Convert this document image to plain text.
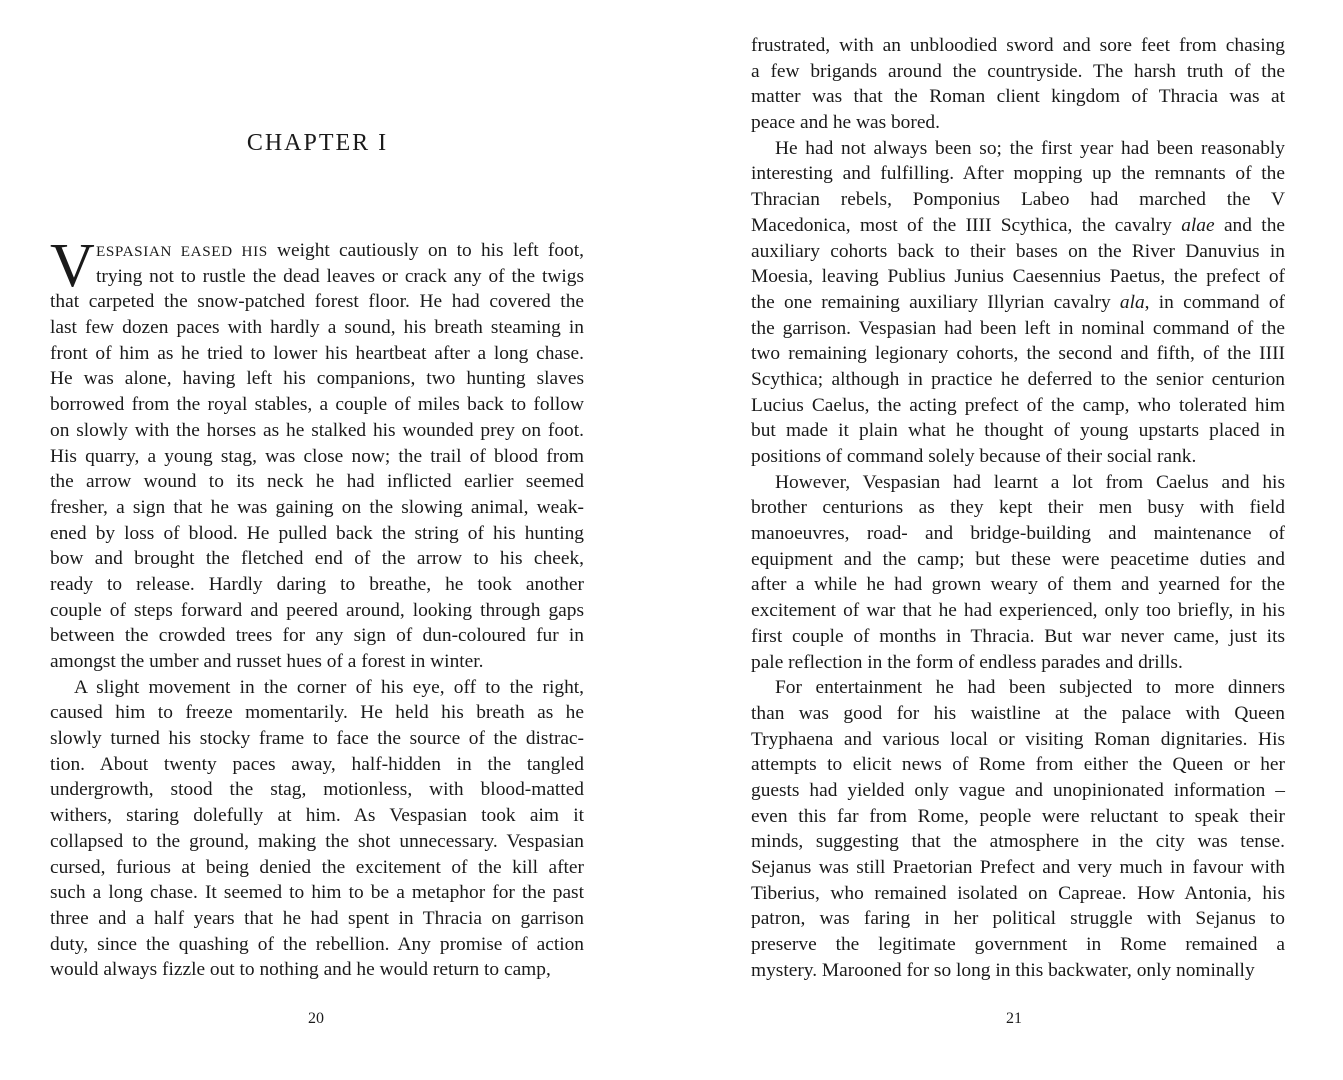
CHAPTER I
V ESPASIAN EASED HIS weight cautiously on to his left foot,
trying not to rustle the dead leaves or crack any of the twigs
that carpeted the snow-patched forest floor. He had covered the
last few dozen paces with hardly a sound, his breath steaming in
front of him as he tried to lower his heartbeat after a long chase.
He was alone, having left his companions, two hunting slaves
borrowed from the royal stables, a couple of miles back to follow
on slowly with the horses as he stalked his wounded prey on foot.
His quarry, a young stag, was close now; the trail of blood from
the arrow wound to its neck he had inflicted earlier seemed
fresher, a sign that he was gaining on the slowing animal, weak-
ened by loss of blood. He pulled back the string of his hunting
bow and brought the fletched end of the arrow to his cheek,
ready to release. Hardly daring to breathe, he took another
couple of steps forward and peered around, looking through gaps
between the crowded trees for any sign of dun-coloured fur in
amongst the umber and russet hues of a forest in winter.
A slight movement in the corner of his eye, off to the right,
caused him to freeze momentarily. He held his breath as he
slowly turned his stocky frame to face the source of the distrac-
tion. About twenty paces away, half-hidden in the tangled
undergrowth, stood the stag, motionless, with blood-matted
withers, staring dolefully at him. As Vespasian took aim it
collapsed to the ground, making the shot unnecessary. Vespasian
cursed, furious at being denied the excitement of the kill after
such a long chase. It seemed to him to be a metaphor for the past
three and a half years that he had spent in Thracia on garrison
duty, since the quashing of the rebellion. Any promise of action
would always fizzle out to nothing and he would return to camp,
20
frustrated, with an unbloodied sword and sore feet from chasing
a few brigands around the countryside. The harsh truth of the
matter was that the Roman client kingdom of Thracia was at
peace and he was bored.
He had not always been so; the first year had been reasonably
interesting and fulfilling. After mopping up the remnants of the
Thracian rebels, Pomponius Labeo had marched the V
Macedonica, most of the IIII Scythica, the cavalry alae and the
auxiliary cohorts back to their bases on the River Danuvius in
Moesia, leaving Publius Junius Caesennius Paetus, the prefect of
the one remaining auxiliary Illyrian cavalry ala, in command of
the garrison. Vespasian had been left in nominal command of the
two remaining legionary cohorts, the second and fifth, of the IIII
Scythica; although in practice he deferred to the senior centurion
Lucius Caelus, the acting prefect of the camp, who tolerated him
but made it plain what he thought of young upstarts placed in
positions of command solely because of their social rank.
However, Vespasian had learnt a lot from Caelus and his
brother centurions as they kept their men busy with field
manoeuvres, road- and bridge-building and maintenance of
equipment and the camp; but these were peacetime duties and
after a while he had grown weary of them and yearned for the
excitement of war that he had experienced, only too briefly, in his
first couple of months in Thracia. But war never came, just its
pale reflection in the form of endless parades and drills.
For entertainment he had been subjected to more dinners
than was good for his waistline at the palace with Queen
Tryphaena and various local or visiting Roman dignitaries. His
attempts to elicit news of Rome from either the Queen or her
guests had yielded only vague and unopinionated information –
even this far from Rome, people were reluctant to speak their
minds, suggesting that the atmosphere in the city was tense.
Sejanus was still Praetorian Prefect and very much in favour with
Tiberius, who remained isolated on Capreae. How Antonia, his
patron, was faring in her political struggle with Sejanus to
preserve the legitimate government in Rome remained a
mystery. Marooned for so long in this backwater, only nominally
21
